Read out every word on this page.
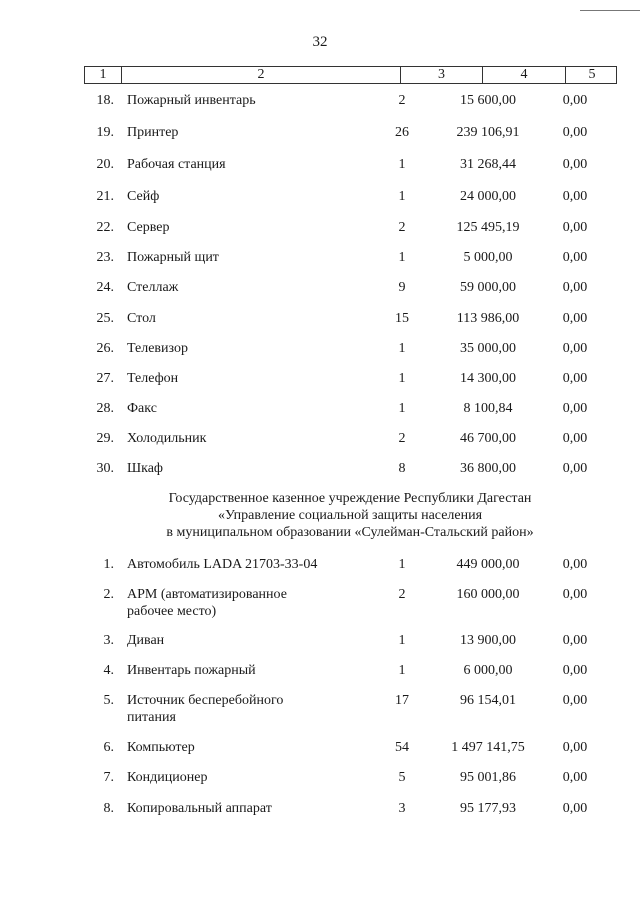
32
1	2	3	4	5
18. Пожарный инвентарь	2	15 600,00	0,00
19. Принтер	26	239 106,91	0,00
20. Рабочая станция	1	31 268,44	0,00
21. Сейф	1	24 000,00	0,00
22. Сервер	2	125 495,19	0,00
23. Пожарный щит	1	5 000,00	0,00
24. Стеллаж	9	59 000,00	0,00
25. Стол	15	113 986,00	0,00
26. Телевизор	1	35 000,00	0,00
27. Телефон	1	14 300,00	0,00
28. Факс	1	8 100,84	0,00
29. Холодильник	2	46 700,00	0,00
30. Шкаф	8	36 800,00	0,00
Государственное казенное учреждение Республики Дагестан
«Управление социальной защиты населения
в муниципальном образовании «Сулейман-Стальский район»
1. Автомобиль LADA 21703-33-04	1	449 000,00	0,00
2. АРМ (автоматизированное
рабочее место)
2	160 000,00	0,00
3. Диван	1	13 900,00	0,00
4. Инвентарь пожарный	1	6 000,00	0,00
5. Источник бесперебойного
питания
17	96 154,01	0,00
6. Компьютер	54	1 497 141,75	0,00
7. Кондиционер	5	95 001,86	0,00
8. Копировальный аппарат	3	95 177,93	0,00
